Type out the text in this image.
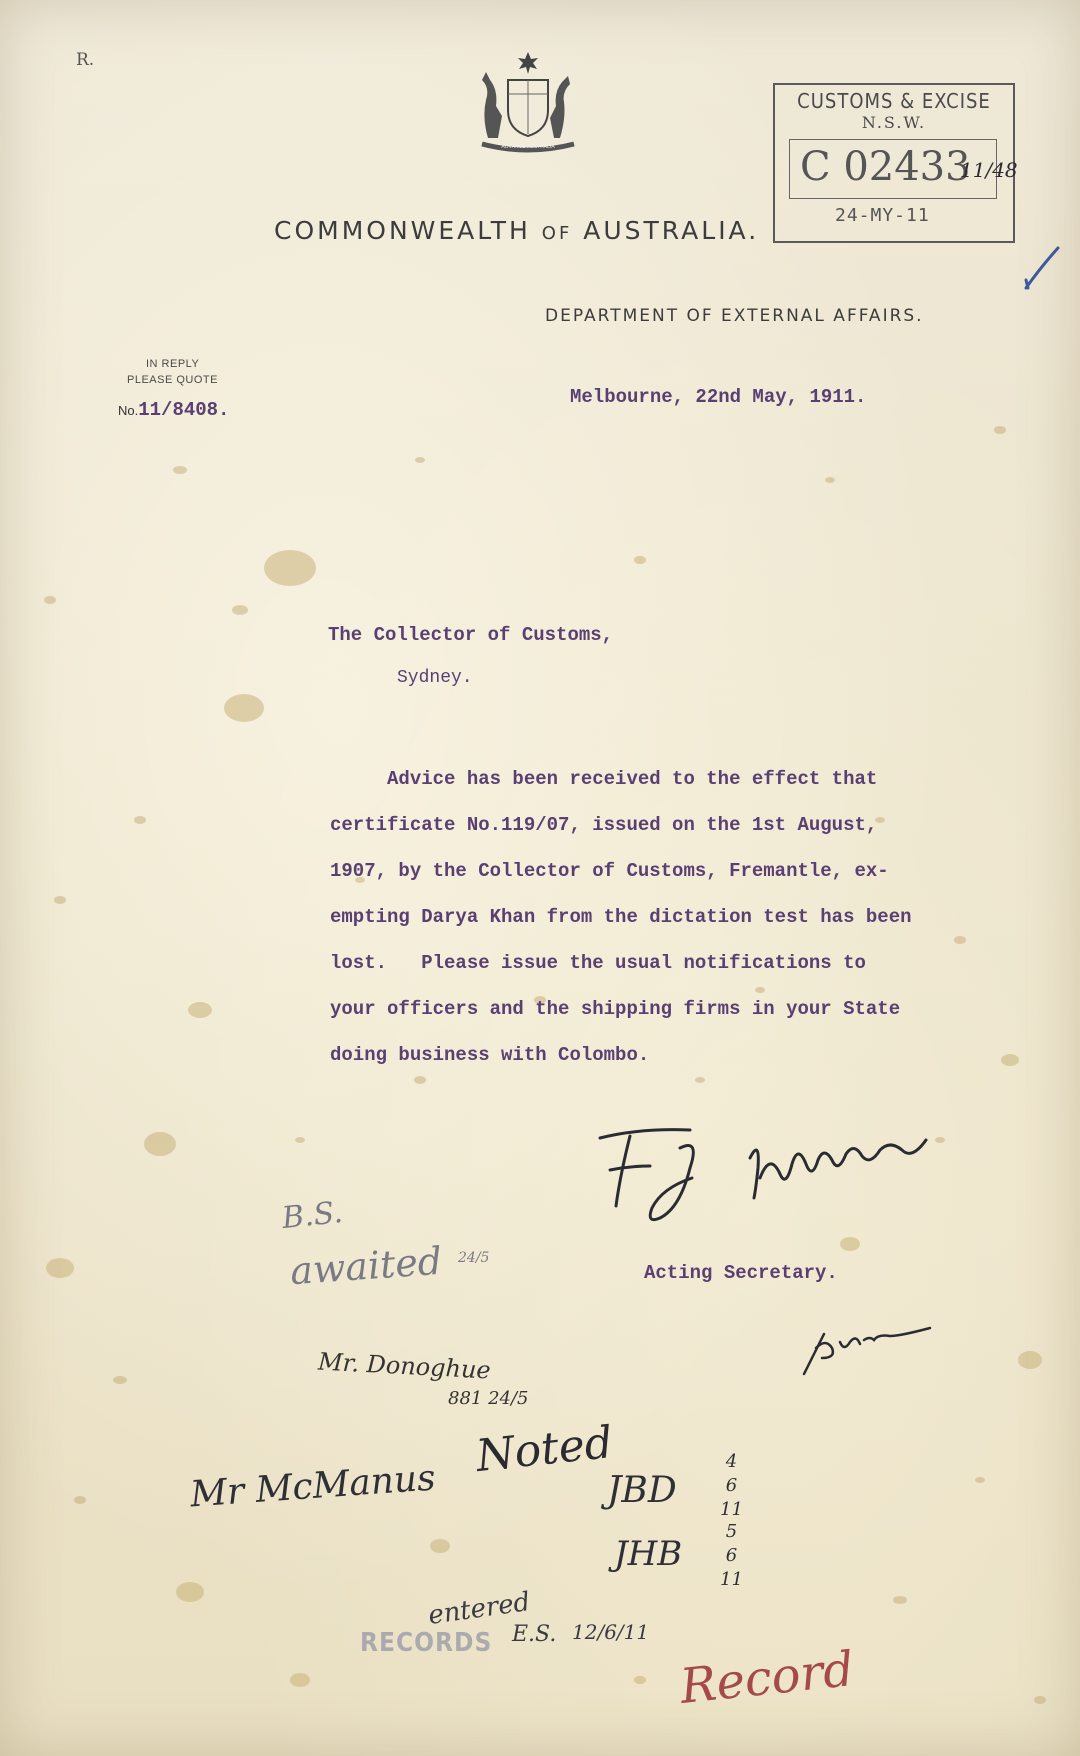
R.
ADVANCE AUSTRALIA
CUSTOMS & EXCISE
N.S.W.
C 02433
11/48
24-MY-11
COMMONWEALTH OF AUSTRALIA.
DEPARTMENT OF EXTERNAL AFFAIRS.
IN REPLY
PLEASE QUOTE
No.11/8408.
Melbourne, 22nd May, 1911.
The Collector of Customs,
Sydney.
Advice has been received to the effect that
certificate No.119/07, issued on the 1st August,
1907, by the Collector of Customs, Fremantle, ex-
empting Darya Khan from the dictation test has been
lost.   Please issue the usual notifications to
your officers and the shipping firms in your State
doing business with Colombo.
Acting Secretary.
B.S.
awaited 24/5
Mr. Donoghue
881 24/5
Noted
Mr McManus	JBD
4
6
11
JHB
5
6
11
entered
RECORDS E.S. 12/6/11
Record
